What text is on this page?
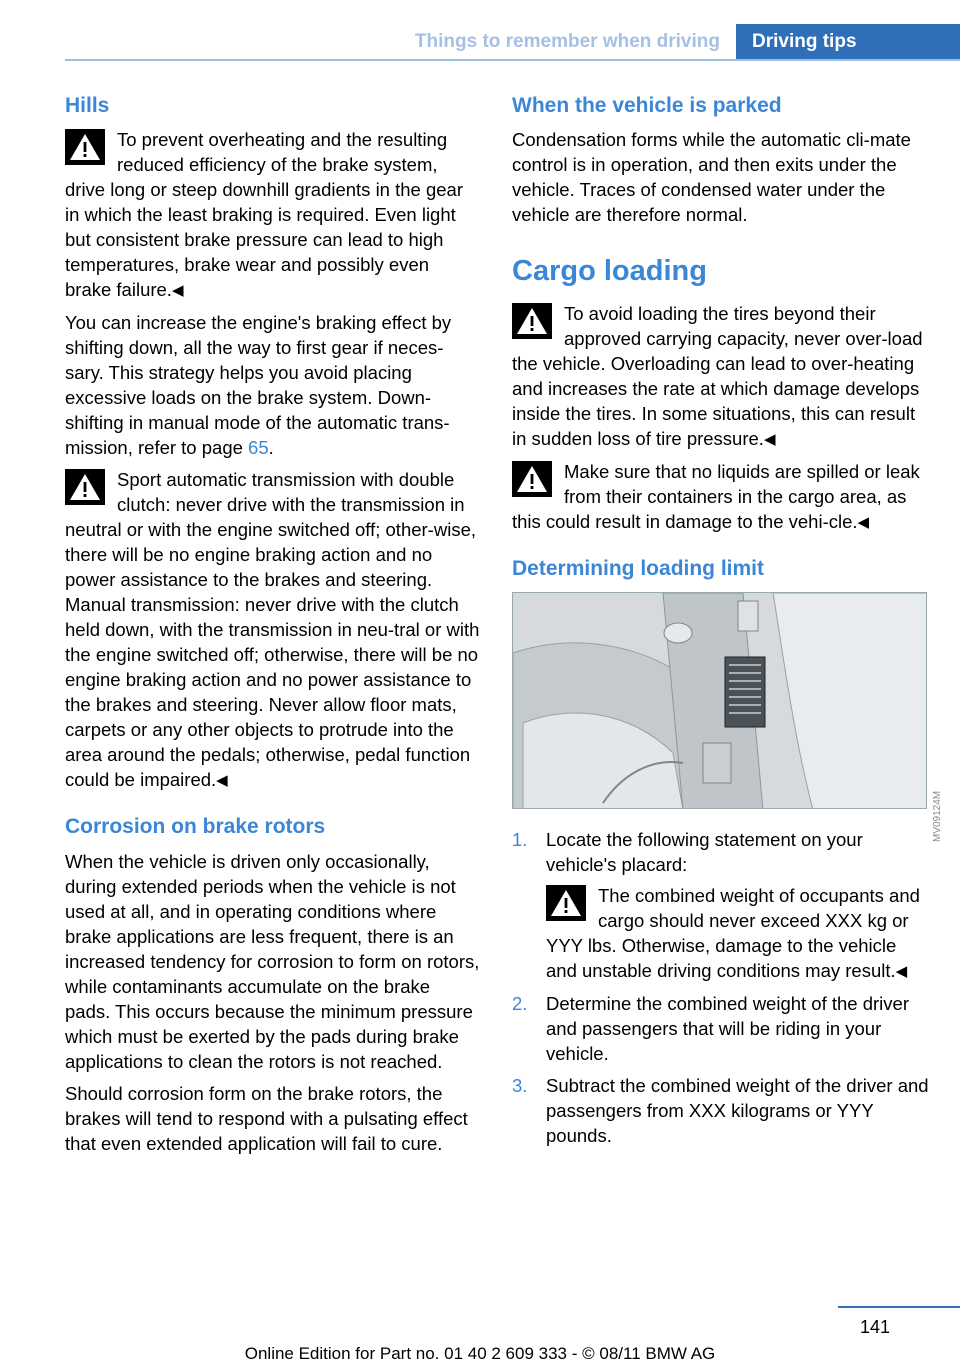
Things to remember when driving	Driving tips
Hills

To prevent overheating and the resulting reduced efficiency of the brake system, drive long or steep downhill gradients in the gear in which the least braking is required. Even light but consistent brake pressure can lead to high temperatures, brake wear and possibly even brake failure.◀

You can increase the engine's braking effect by shifting down, all the way to first gear if neces-sary. This strategy helps you avoid placing excessive loads on the brake system. Down-shifting in manual mode of the automatic trans-mission, refer to page 65.

Sport automatic transmission with double clutch: never drive with the transmission in neutral or with the engine switched off; other-wise, there will be no engine braking action and no power assistance to the brakes and steering. Manual transmission: never drive with the clutch held down, with the transmission in neu-tral or with the engine switched off; otherwise, there will be no engine braking action and no power assistance to the brakes and steering. Never allow floor mats, carpets or any other objects to protrude into the area around the pedals; otherwise, pedal function could be impaired.◀

Corrosion on brake rotors

When the vehicle is driven only occasionally, during extended periods when the vehicle is not used at all, and in operating conditions where brake applications are less frequent, there is an increased tendency for corrosion to form on rotors, while contaminants accumulate on the brake pads. This occurs because the minimum pressure which must be exerted by the pads during brake applications to clean the rotors is not reached.

Should corrosion form on the brake rotors, the brakes will tend to respond with a pulsating effect that even extended application will fail to cure.

When the vehicle is parked

Condensation forms while the automatic cli-mate control is in operation, and then exits under the vehicle. Traces of condensed water under the vehicle are therefore normal.

Cargo loading

To avoid loading the tires beyond their approved carrying capacity, never over-load the vehicle. Overloading can lead to over-heating and increases the rate at which damage develops inside the tires. In some situations, this can result in sudden loss of tire pressure.◀

Make sure that no liquids are spilled or leak from their containers in the cargo area, as this could result in damage to the vehi-cle.◀

Determining loading limit
1. Locate the following statement on your vehicle's placard:

The combined weight of occupants and cargo should never exceed XXX kg or YYY lbs. Otherwise, damage to the vehicle and unstable driving conditions may result.◀

2. Determine the combined weight of the driver and passengers that will be riding in your vehicle.
3. Subtract the combined weight of the driver and passengers from XXX kilograms or YYY pounds.
MV09124M
141
Online Edition for Part no. 01 40 2 609 333 - © 08/11 BMW AG
